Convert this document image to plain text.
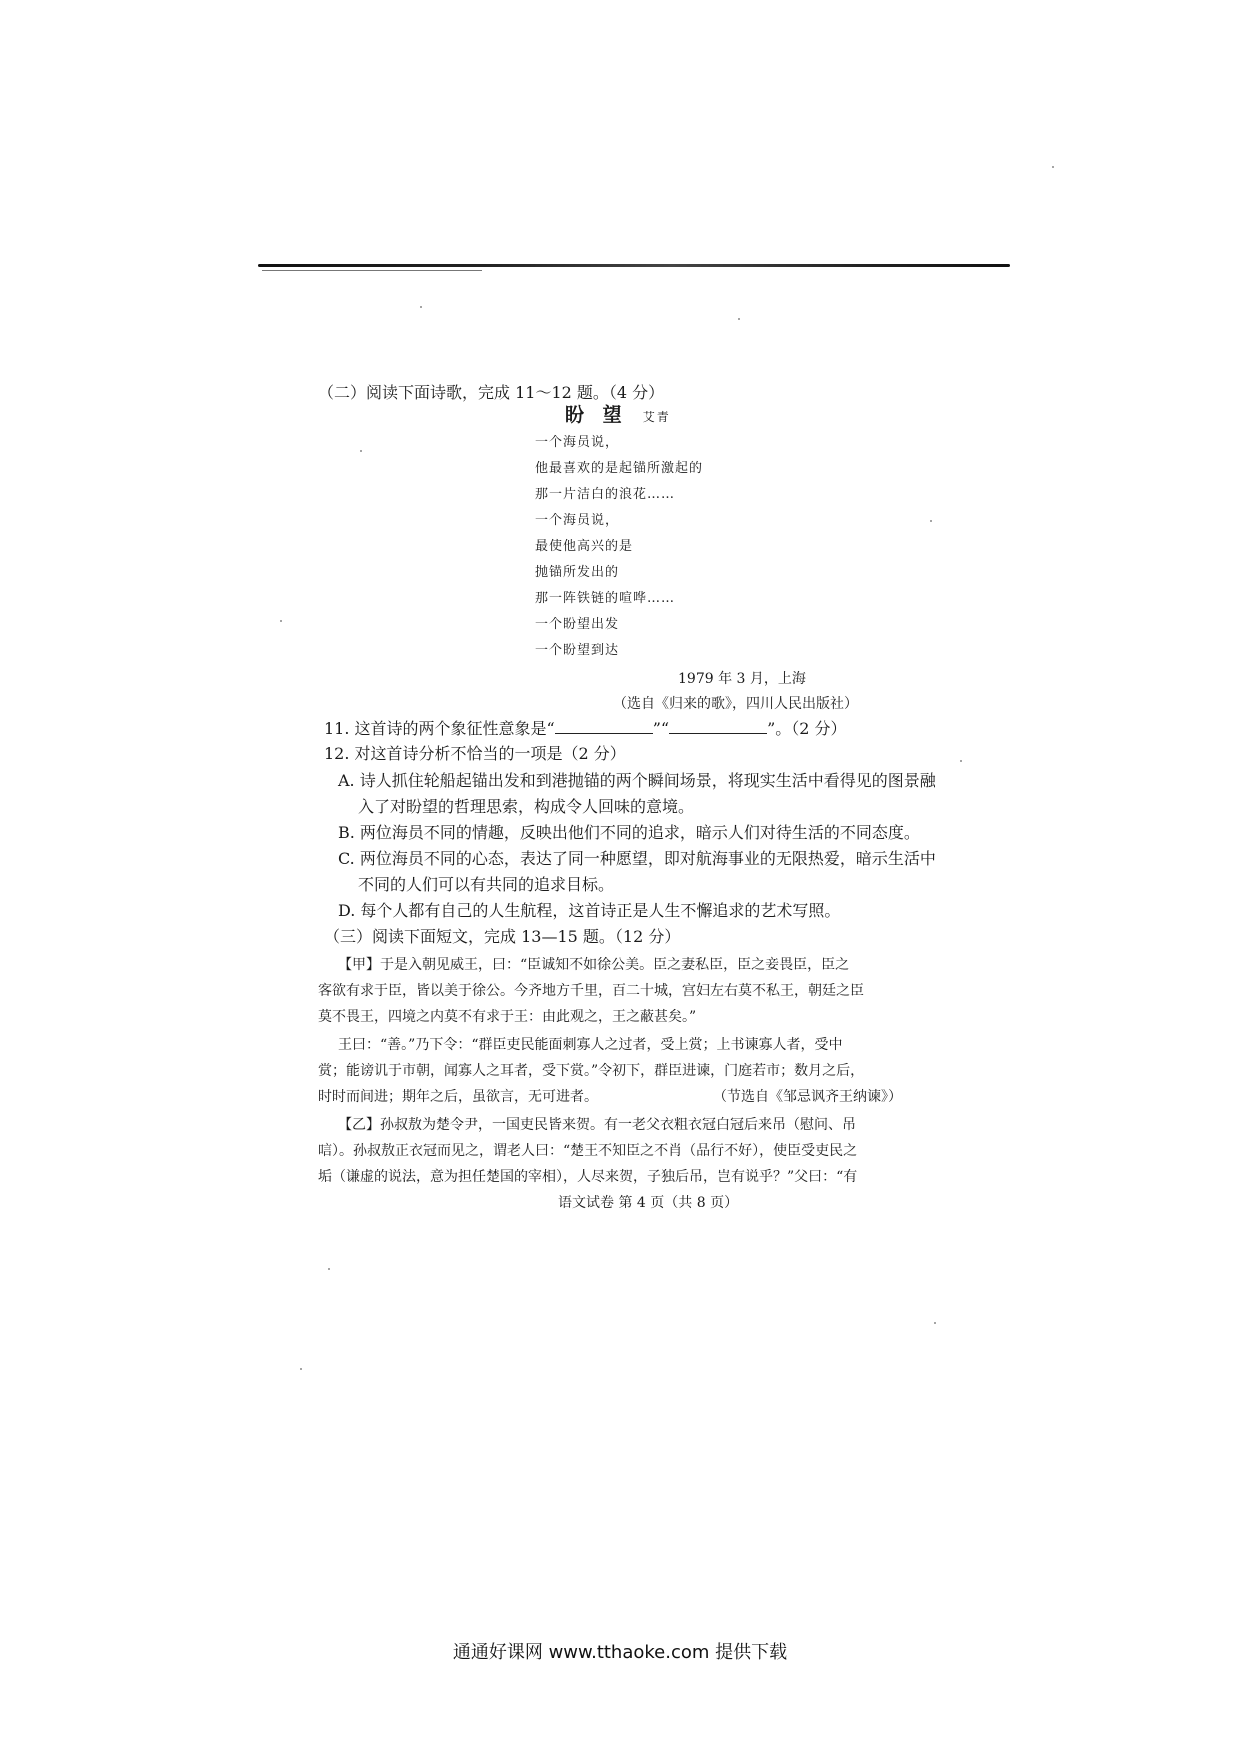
（二）阅读下面诗歌，完成 11～12 题。（4 分）
盼 望 艾青
一个海员说，
他最喜欢的是起锚所激起的
那一片洁白的浪花……
一个海员说，
最使他高兴的是
抛锚所发出的
那一阵铁链的喧哗……
一个盼望出发
一个盼望到达
1979 年 3 月，上海
（选自《归来的歌》，四川人民出版社）
11. 这首诗的两个象征性意象是“	”“	”。（2 分）
12. 对这首诗分析不恰当的一项是（2 分）
A. 诗人抓住轮船起锚出发和到港抛锚的两个瞬间场景，将现实生活中看得见的图景融
入了对盼望的哲理思索，构成令人回味的意境。
B. 两位海员不同的情趣，反映出他们不同的追求，暗示人们对待生活的不同态度。
C. 两位海员不同的心态，表达了同一种愿望，即对航海事业的无限热爱，暗示生活中
不同的人们可以有共同的追求目标。
D. 每个人都有自己的人生航程，这首诗正是人生不懈追求的艺术写照。
（三）阅读下面短文，完成 13—15 题。（12 分）
【甲】于是入朝见威王，曰：“臣诚知不如徐公美。臣之妻私臣，臣之妾畏臣，臣之
客欲有求于臣，皆以美于徐公。今齐地方千里，百二十城，宫妇左右莫不私王，朝廷之臣
莫不畏王，四境之内莫不有求于王：由此观之，王之蔽甚矣。”
王曰：“善。”乃下令：“群臣吏民能面刺寡人之过者，受上赏；上书谏寡人者，受中
赏；能谤讥于市朝，闻寡人之耳者，受下赏。”令初下，群臣进谏，门庭若市；数月之后，
时时而间进；期年之后，虽欲言，无可进者。	（节选自《邹忌讽齐王纳谏》）
【乙】孙叔敖为楚令尹，一国吏民皆来贺。有一老父衣粗衣冠白冠后来吊（慰问、吊
唁）。孙叔敖正衣冠而见之，谓老人曰：“楚王不知臣之不肖（品行不好），使臣受吏民之
垢（谦虚的说法，意为担任楚国的宰相），人尽来贺，子独后吊，岂有说乎？”父曰：“有
语文试卷 第 4 页（共 8 页）
通通好课网 www.tthaoke.com 提供下载
